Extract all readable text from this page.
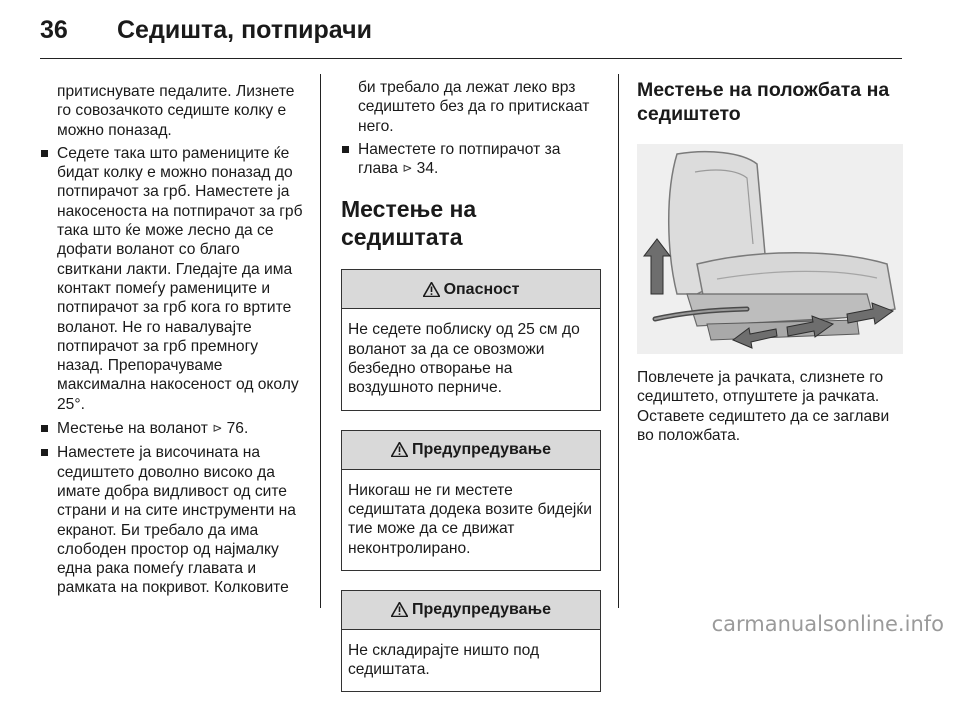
36 Седишта, потпирачи

притиснувате педалите. Лизнете го совозачкото седиште колку е можно поназад.

Седете така што рамениците ќе бидат колку е можно поназад до потпирачот за грб. Наместете ја накосеноста на потпирачот за грб така што ќе може лесно да се дофати воланот со благо свиткани лакти. Гледајте да има контакт помеѓу рамениците и потпирачот за грб кога го вртите воланот. Не го навалувајте потпирачот за грб премногу назад. Препорачуваме максимална накосеност од околу 25°.
Местење на воланот ⊳ 76.
Наместете ја височината на седиштето доволно високо да имате добра видливост од сите страни и на сите инструменти на екранот. Би требало да има слободен простор од најмалку една рака помеѓу главата и рамката на покривот. Колковите

би требало да лежат леко врз седиштето без да го притискаат него.

Наместете го потпирачот за глава ⊳ 34.
Местење на седиштата
Опасност
Не седете поблиску од 25 см до воланот за да се овозможи безбедно отворање на воздушното перниче.
Предупредување
Никогаш не ги местете седиштата додека возите бидејќи тие може да се движат неконтролирано.
Предупредување
Не складирајте ништо под седиштата.
Местење на положбата на седиштето

Повлечете ја рачката, слизнете го седиштето, отпуштете ја рачката. Оставете седиштето да се заглави во положбата.

carmanualsonline.info
